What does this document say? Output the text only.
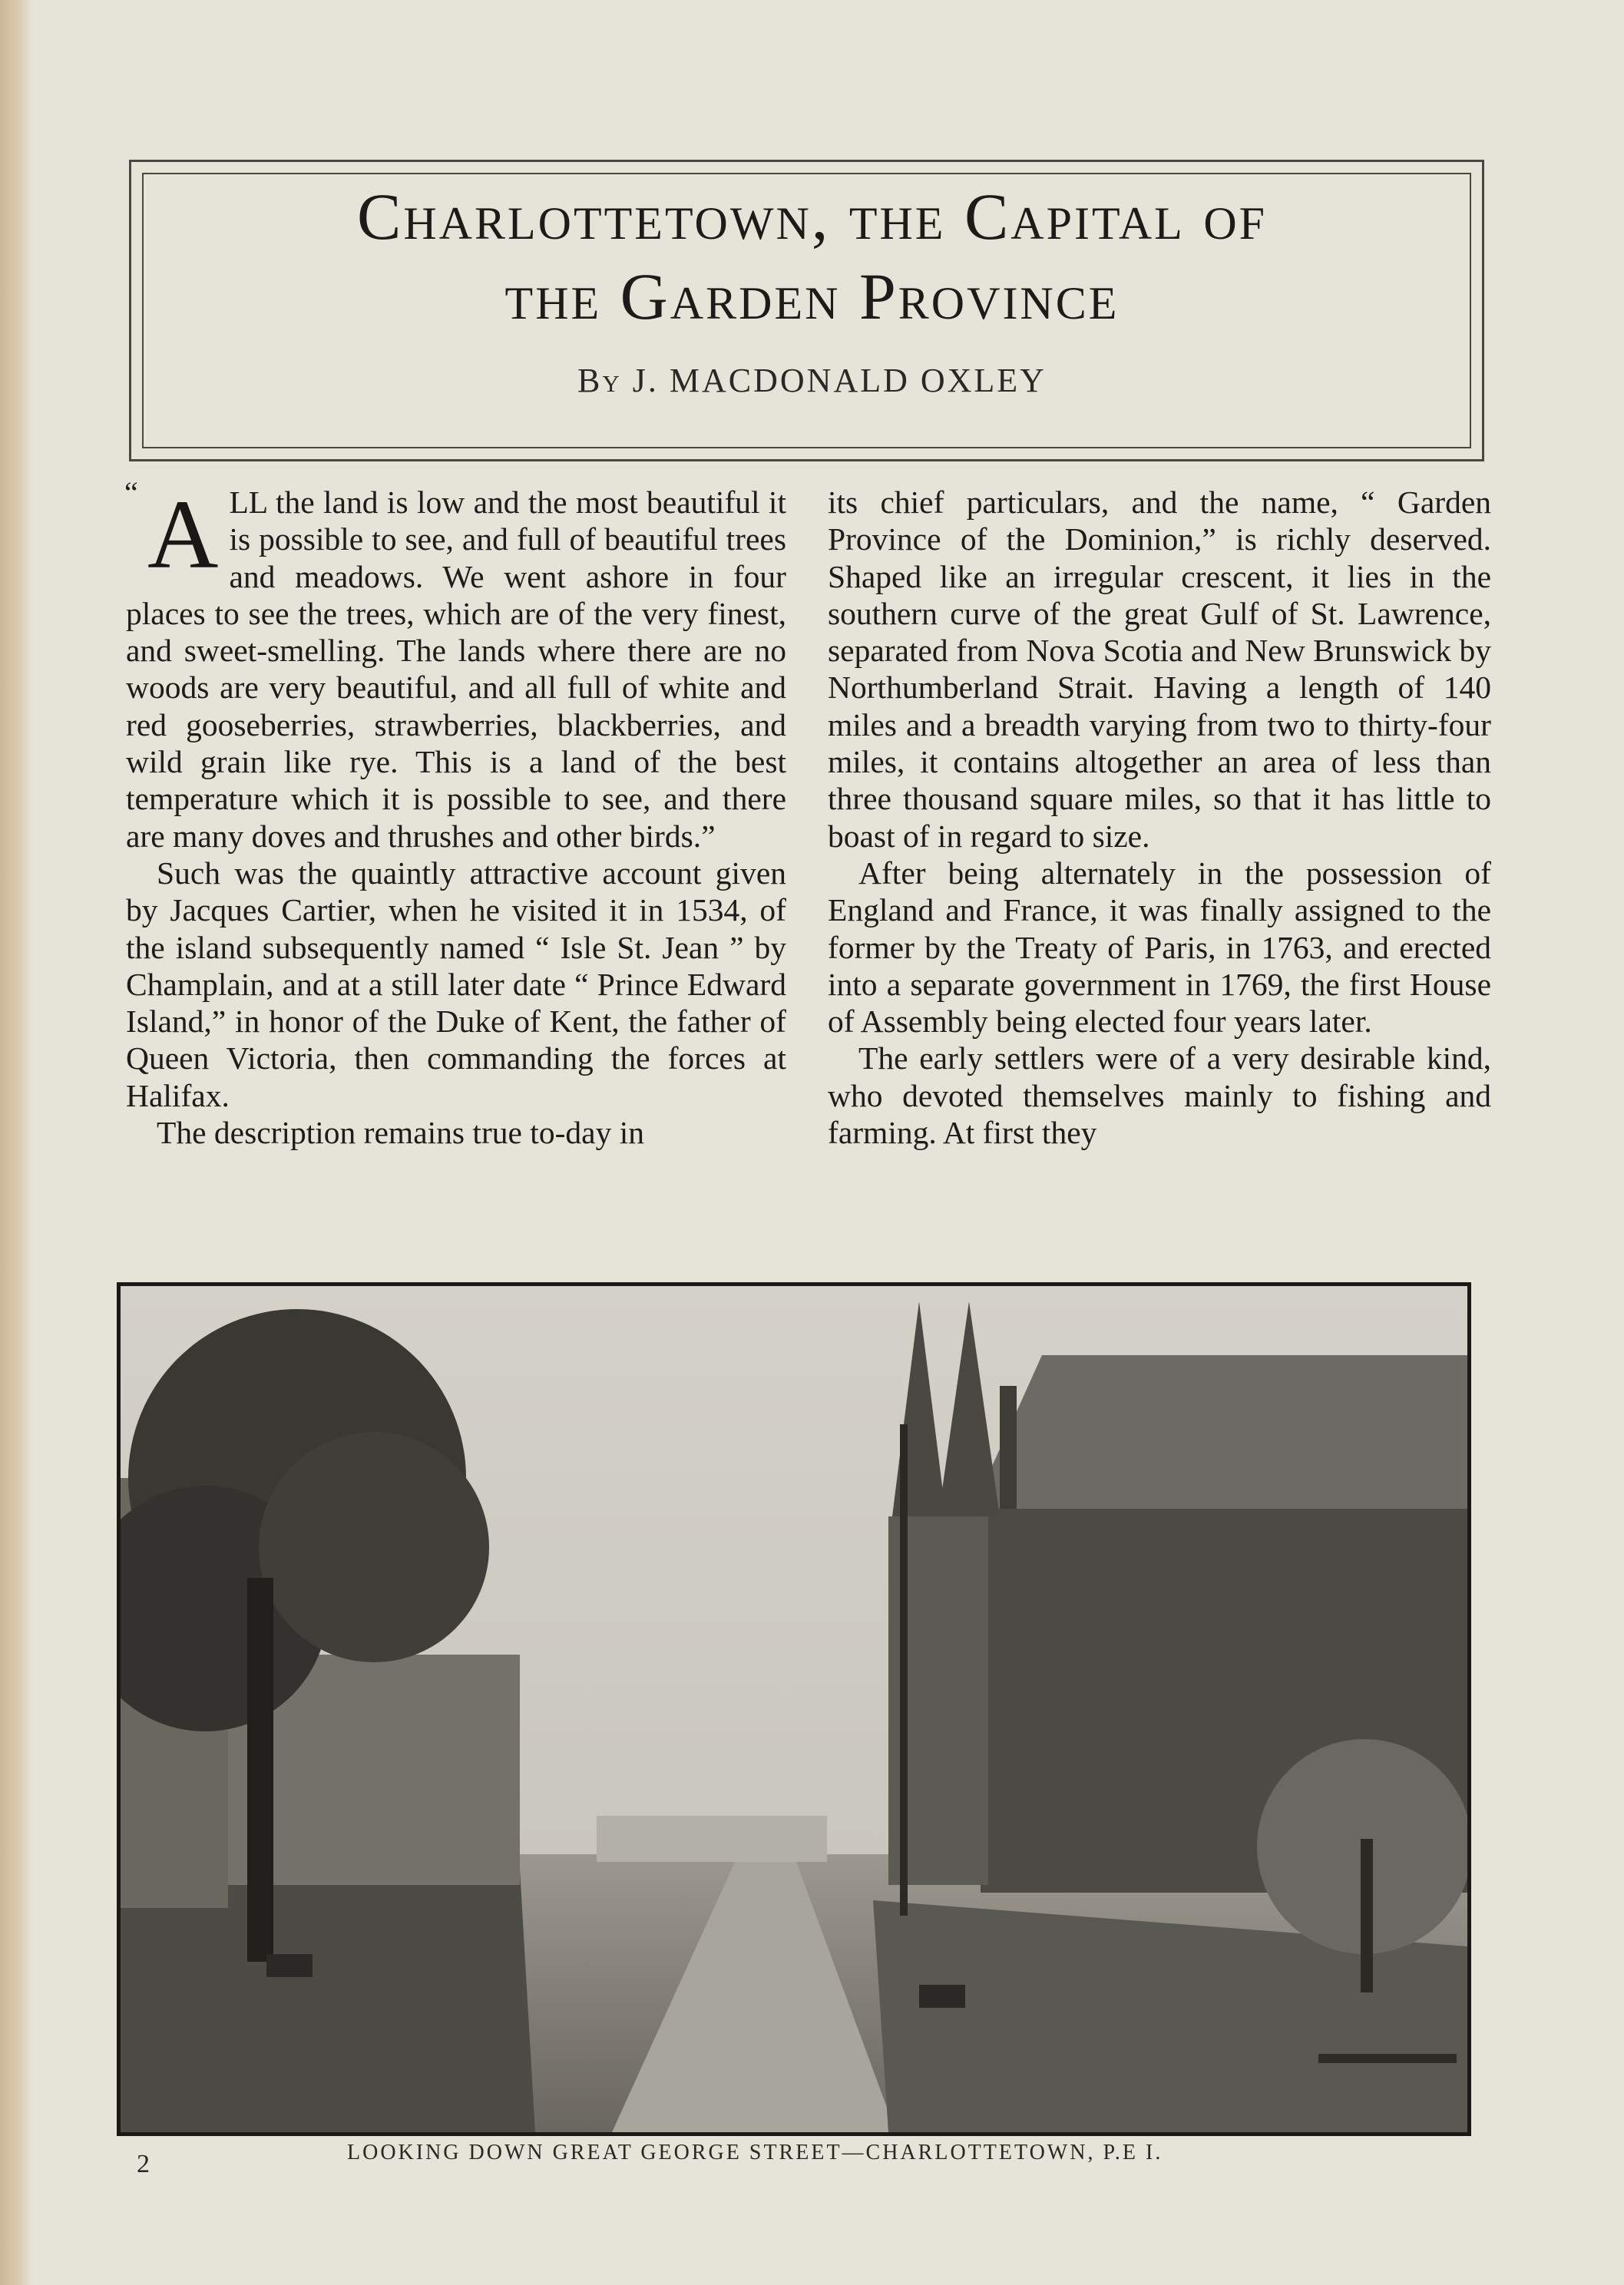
Charlottetown, the Capital of
the Garden Province
By J. MACDONALD OXLEY
“ ALL the land is low and the most beautiful it is possible to see, and full of beautiful trees and meadows. We went ashore in four places to see the trees, which are of the very finest, and sweet-smelling. The lands where there are no woods are very beautiful, and all full of white and red gooseberries, strawberries, blackberries, and wild grain like rye. This is a land of the best temperature which it is possible to see, and there are many doves and thrushes and other birds.”

Such was the quaintly attractive account given by Jacques Cartier, when he visited it in 1534, of the island subsequently named “ Isle St. Jean ” by Champlain, and at a still later date “ Prince Edward Island,” in honor of the Duke of Kent, the father of Queen Victoria, then commanding the forces at Halifax.

The description remains true to-day in

its chief particulars, and the name, “ Garden Province of the Dominion,” is richly deserved. Shaped like an irregular crescent, it lies in the southern curve of the great Gulf of St. Lawrence, separated from Nova Scotia and New Brunswick by Northumberland Strait. Having a length of 140 miles and a breadth varying from two to thirty-four miles, it contains altogether an area of less than three thousand square miles, so that it has little to boast of in regard to size.

After being alternately in the possession of England and France, it was finally assigned to the former by the Treaty of Paris, in 1763, and erected into a separate government in 1769, the first House of Assembly being elected four years later.

The early settlers were of a very desirable kind, who devoted themselves mainly to fishing and farming. At first they

2	LOOKING DOWN GREAT GEORGE STREET—CHARLOTTETOWN, P.E I.
